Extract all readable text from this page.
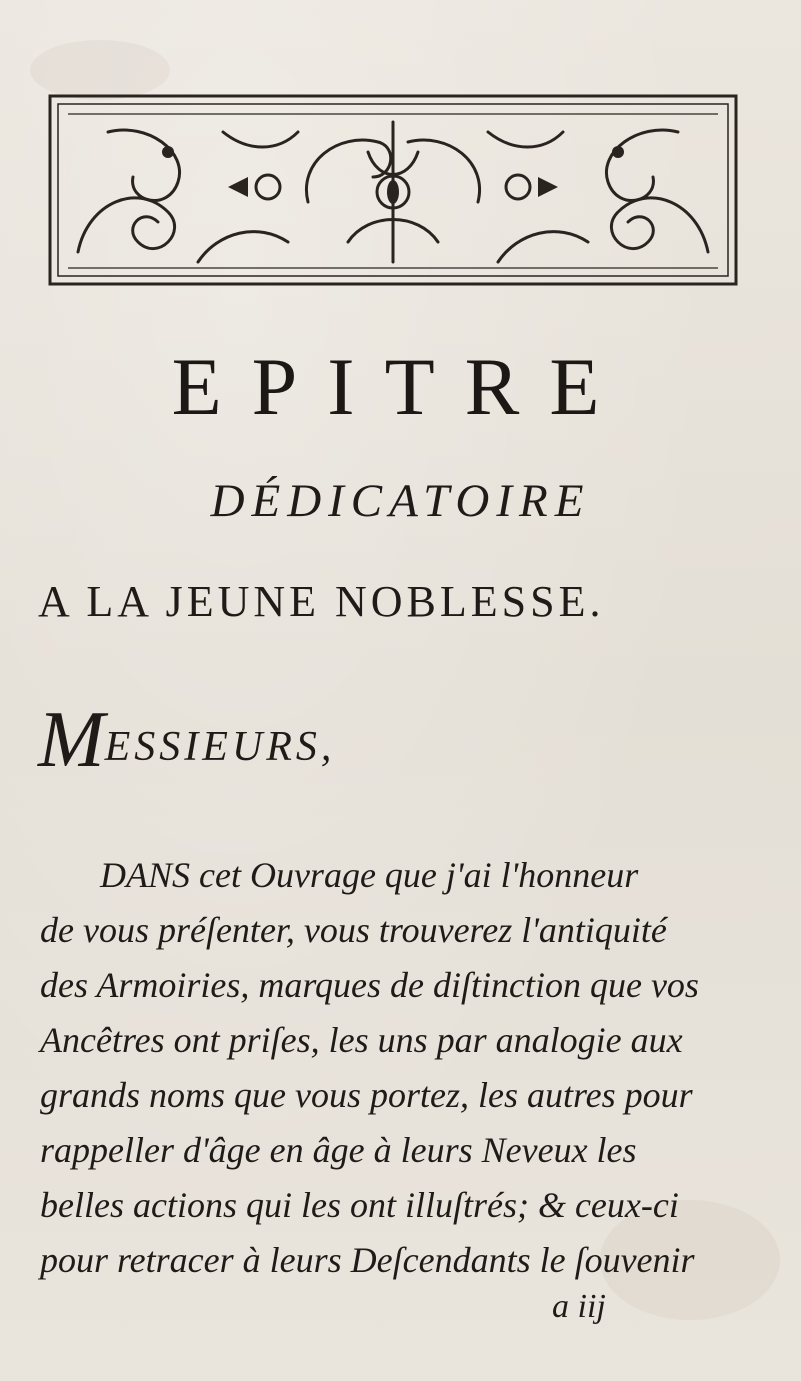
EPITRE
DÉDICATOIRE
A LA JEUNE NOBLESSE.
MESSIEURS,
DANS cet Ouvrage que j'ai l'honneur
de vous préſenter, vous trouverez l'antiquité
des Armoiries, marques de diſtinction que vos
Ancêtres ont priſes, les uns par analogie aux
grands noms que vous portez, les autres pour
rappeller d'âge en âge à leurs Neveux les
belles actions qui les ont illuſtrés; & ceux-ci
pour retracer à leurs Deſcendants le ſouvenir
a iij
